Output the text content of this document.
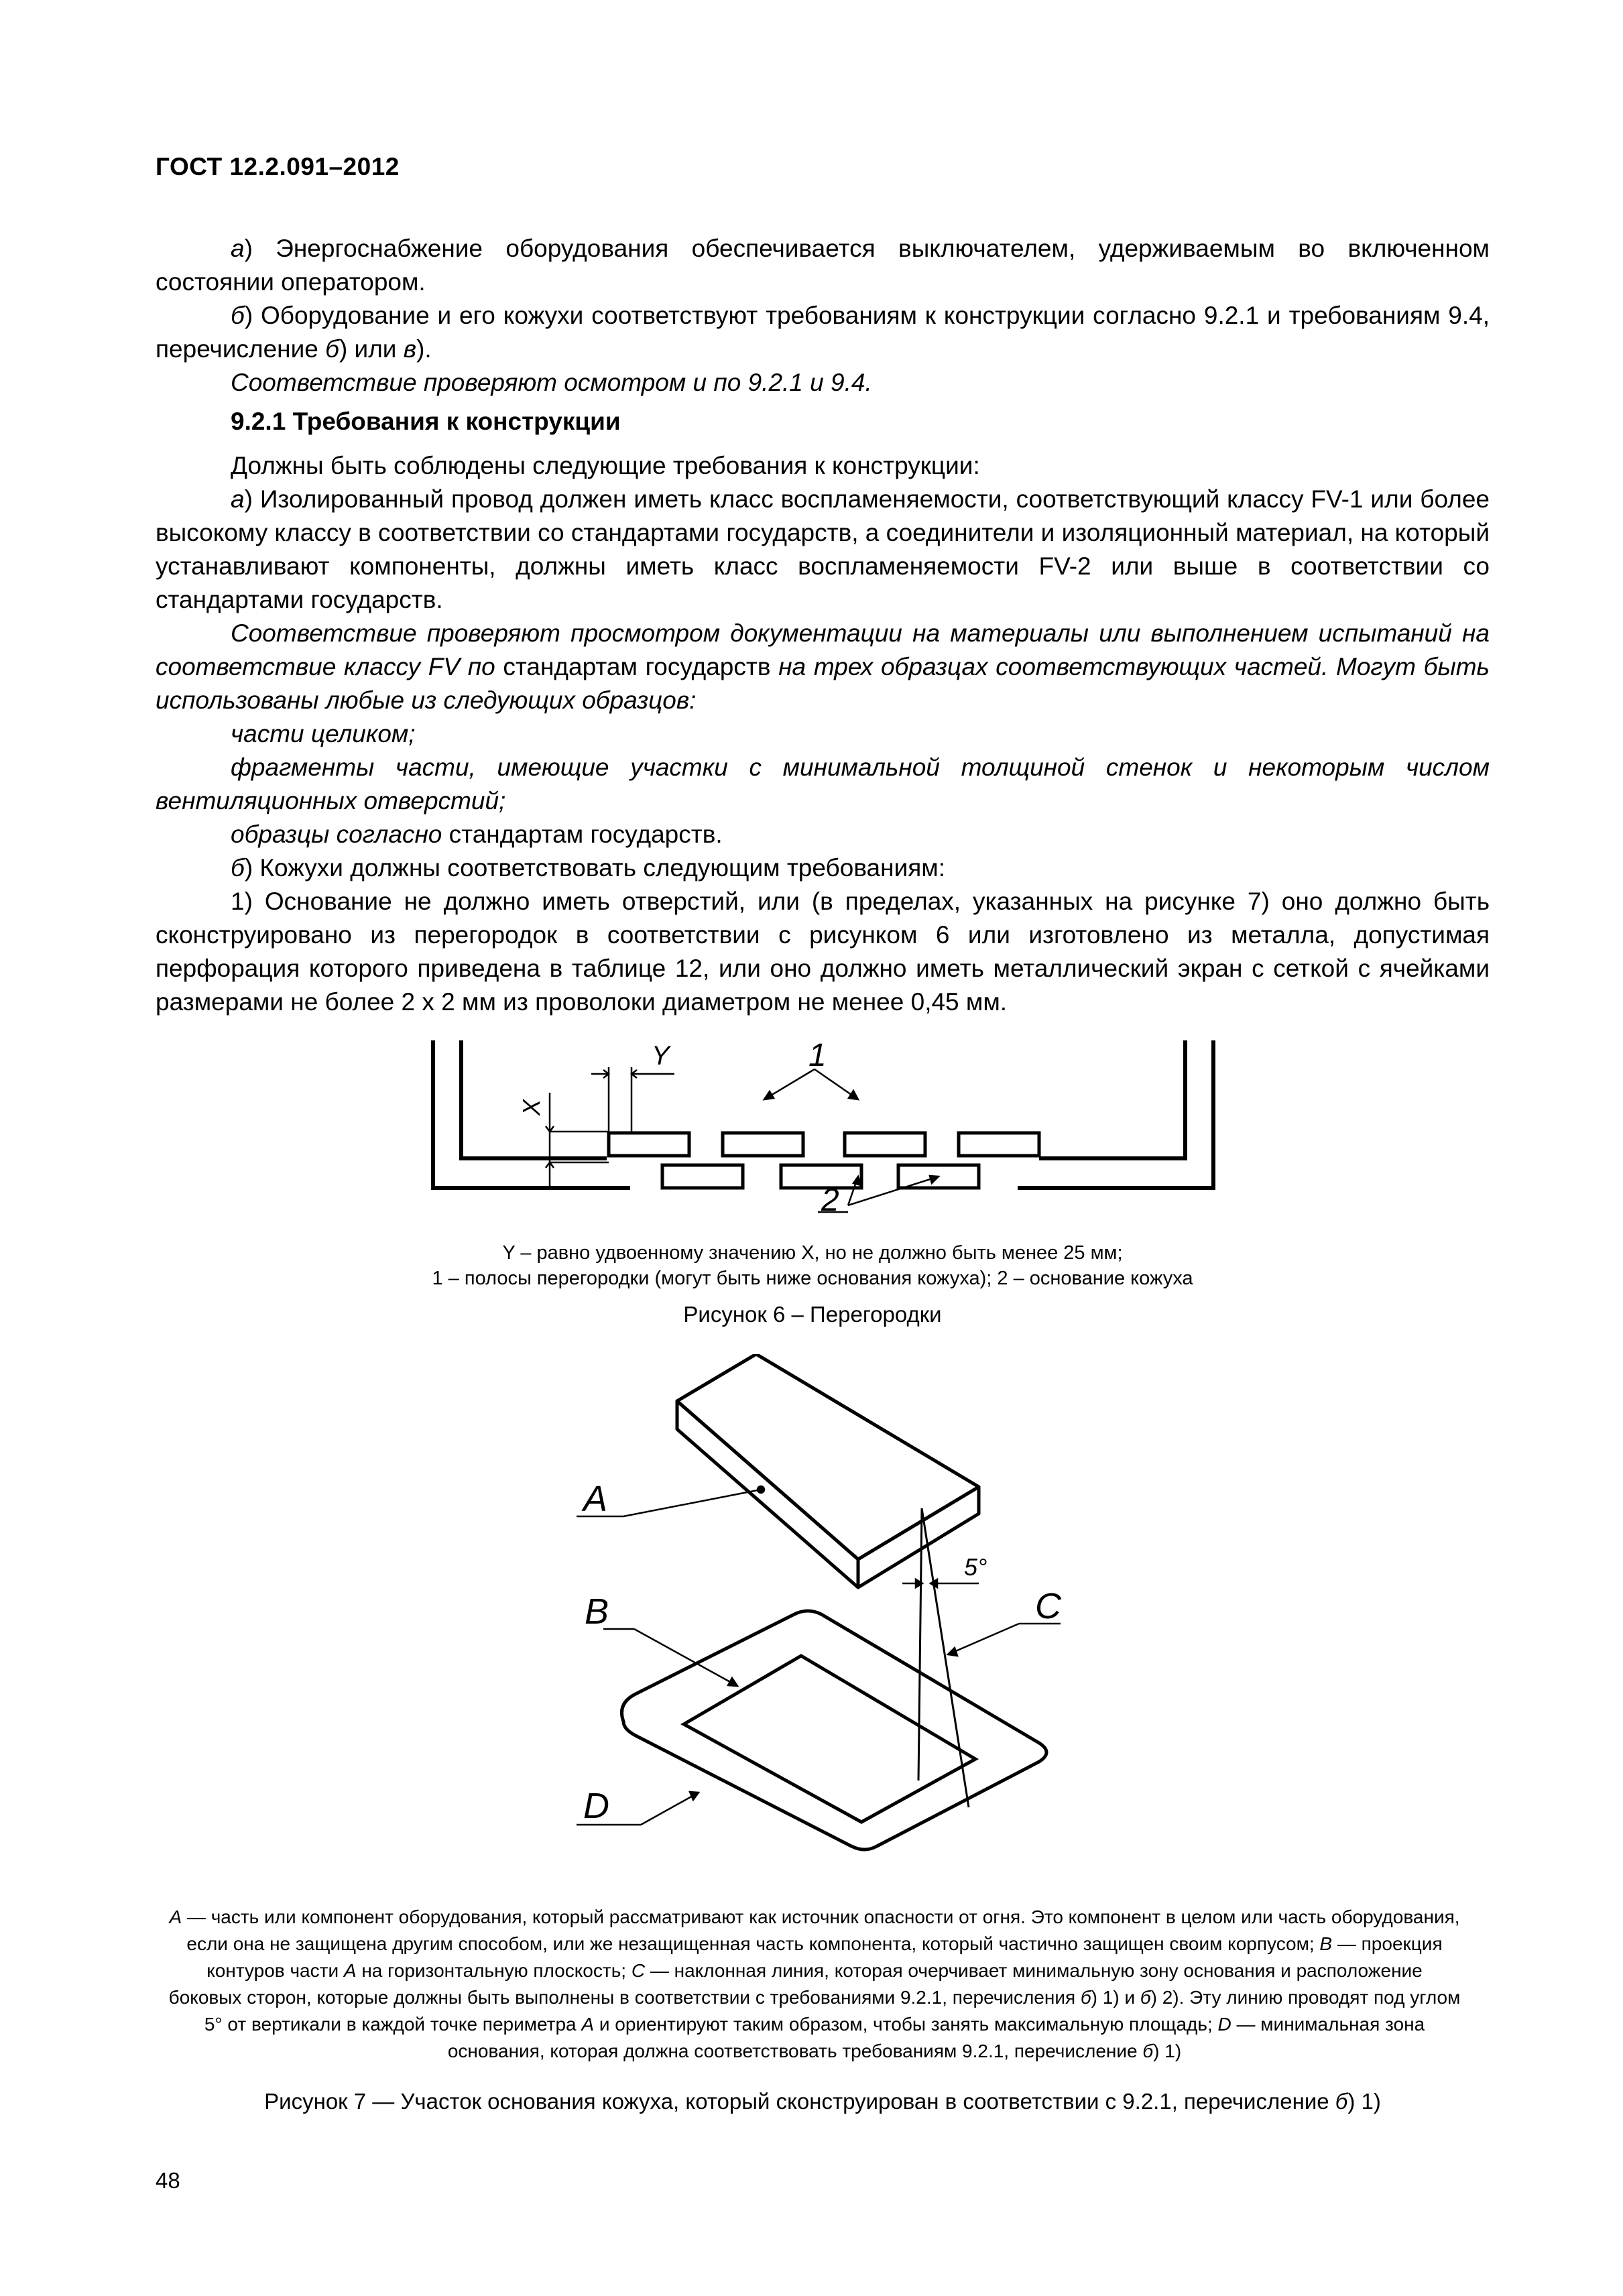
ГОСТ 12.2.091–2012

а) Энергоснабжение оборудования обеспечивается выключателем, удерживаемым во включенном состоянии оператором.

б) Оборудование и его кожухи соответствуют требованиям к конструкции согласно 9.2.1 и требованиям 9.4, перечисление б) или в).

Соответствие проверяют осмотром и по 9.2.1 и 9.4.

9.2.1 Требования к конструкции

Должны быть соблюдены следующие требования к конструкции:

а) Изолированный провод должен иметь класс воспламеняемости, соответствующий классу FV-1 или более высокому классу в соответствии со стандартами государств, а соединители и изоляционный материал, на который устанавливают компоненты, должны иметь класс воспламеняемости FV-2 или выше в соответствии со стандартами государств.

Соответствие проверяют просмотром документации на материалы или выполнением испытаний на соответствие классу FV по стандартам государств на трех образцах соответствующих частей. Могут быть использованы любые из следующих образцов:

части целиком;

фрагменты части, имеющие участки с минимальной толщиной стенок и некоторым числом вентиляционных отверстий;

образцы согласно стандартам государств.

б) Кожухи должны соответствовать следующим требованиям:

1) Основание не должно иметь отверстий, или (в пределах, указанных на рисунке 7) оно должно быть сконструировано из перегородок в соответствии с рисунком 6 или изготовлено из металла, допустимая перфорация которого приведена в таблице 12, или оно должно иметь металлический экран с сеткой с ячейками размерами не более 2 х 2 мм из проволоки диаметром не менее 0,45 мм.

Y
X
1
2
Y – равно удвоенному значению X, но не должно быть менее 25 мм;
1 – полосы перегородки (могут быть ниже основания кожуха); 2 – основание кожуха
Рисунок 6 – Перегородки
A
B	C
D
5°
A — часть или компонент оборудования, который рассматривают как источник опасности от огня. Это компонент в целом или часть оборудования, если она не защищена другим способом, или же незащищенная часть компонента, который частично защищен своим корпусом; B — проекция контуров части A на горизонтальную плоскость; C — наклонная линия, которая очерчивает минимальную зону основания и расположение боковых сторон, которые должны быть выполнены в соответствии с требованиями 9.2.1, перечисления б) 1) и б) 2). Эту линию проводят под углом 5° от вертикали в каждой точке периметра A и ориентируют таким образом, чтобы занять максимальную площадь; D — минимальная зона основания, которая должна соответствовать требованиям 9.2.1, перечисление б) 1)
Рисунок 7 — Участок основания кожуха, который сконструирован в соответствии с 9.2.1, перечисление б) 1)
48
